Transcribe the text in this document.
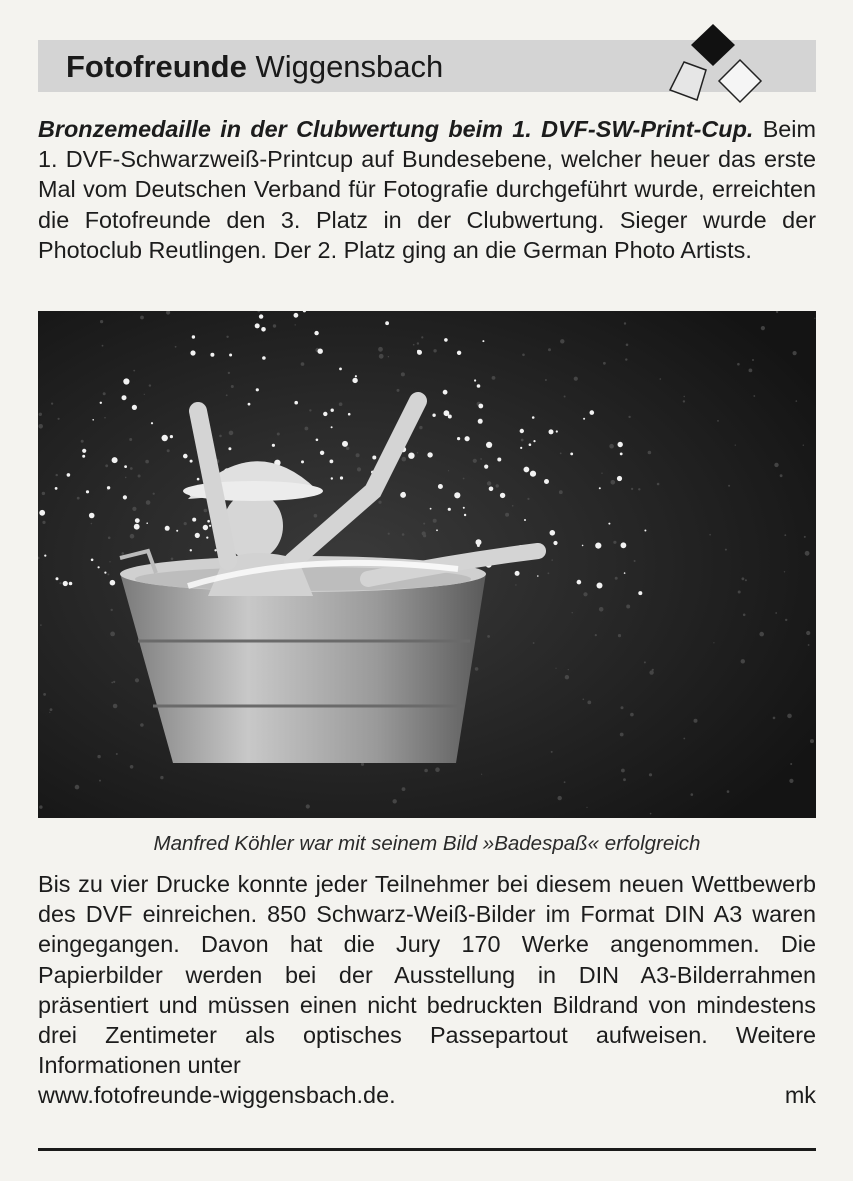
Fotofreunde Wiggensbach
Bronzemedaille in der Clubwertung beim 1. DVF-SW-Print-Cup. Beim 1. DVF-Schwarzweiß-Printcup auf Bundesebene, welcher heuer das erste Mal vom Deutschen Verband für Fotografie durchgeführt wurde, erreichten die Fotofreunde den 3. Platz in der Clubwertung. Sieger wurde der Photoclub Reutlingen. Der 2. Platz ging an die German Photo Artists.
Manfred Köhler war mit seinem Bild »Badespaß« erfolgreich
Bis zu vier Drucke konnte jeder Teilnehmer bei diesem neuen Wettbewerb des DVF einreichen. 850 Schwarz-Weiß-Bilder im Format DIN A3 waren eingegangen. Davon hat die Jury 170 Werke angenommen. Die Papierbilder werden bei der Ausstellung in DIN A3-Bilderrahmen präsentiert und müssen einen nicht bedruckten Bildrand von mindestens drei Zentimeter als optisches Passepartout aufweisen. Weitere Informationen unter
www.fotofreunde-wiggensbach.de.	mk
